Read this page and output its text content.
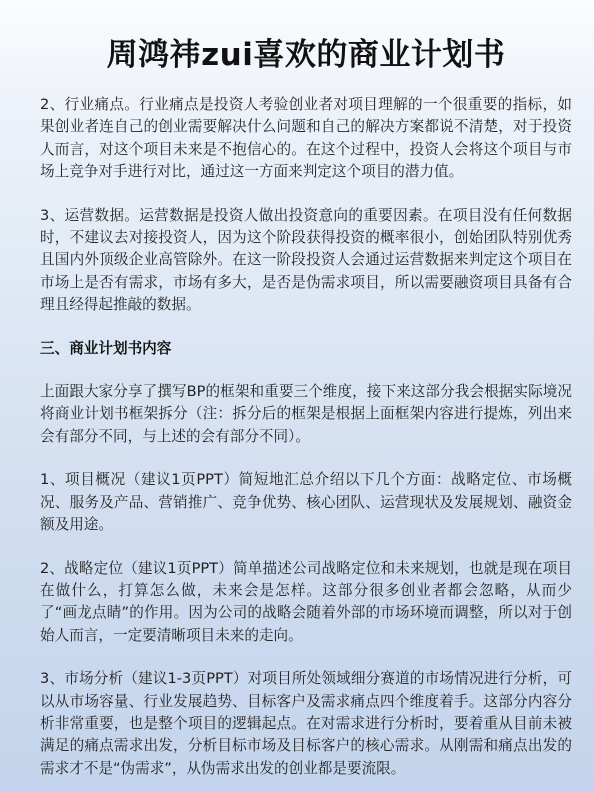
周鸿祎zui喜欢的商业计划书

2、行业痛点。行业痛点是投资人考验创业者对项目理解的一个很重要的指标，如果创业者连自己的创业需要解决什么问题和自己的解决方案都说不清楚，对于投资人而言，对这个项目未来是不抱信心的。在这个过程中，投资人会将这个项目与市场上竞争对手进行对比，通过这一方面来判定这个项目的潜力值。

3、运营数据。运营数据是投资人做出投资意向的重要因素。在项目没有任何数据时，不建议去对接投资人，因为这个阶段获得投资的概率很小，创始团队特别优秀且国内外顶级企业高管除外。在这一阶段投资人会通过运营数据来判定这个项目在市场上是否有需求，市场有多大，是否是伪需求项目，所以需要融资项目具备有合理且经得起推敲的数据。

三、商业计划书内容

上面跟大家分享了撰写BP的框架和重要三个维度，接下来这部分我会根据实际境况将商业计划书框架拆分（注：拆分后的框架是根据上面框架内容进行提炼，列出来会有部分不同，与上述的会有部分不同）。

1、项目概况（建议1页PPT）简短地汇总介绍以下几个方面：战略定位、市场概况、服务及产品、营销推广、竞争优势、核心团队、运营现状及发展规划、融资金额及用途。

2、战略定位（建议1页PPT）简单描述公司战略定位和未来规划，也就是现在项目在做什么，打算怎么做，未来会是怎样。这部分很多创业者都会忽略，从而少了“画龙点睛”的作用。因为公司的战略会随着外部的市场环境而调整，所以对于创始人而言，一定要清晰项目未来的走向。

3、市场分析（建议1-3页PPT）对项目所处领域细分赛道的市场情况进行分析，可以从市场容量、行业发展趋势、目标客户及需求痛点四个维度着手。这部分内容分析非常重要，也是整个项目的逻辑起点。在对需求进行分析时，要着重从目前未被满足的痛点需求出发，分析目标市场及目标客户的核心需求。从刚需和痛点出发的需求才不是“伪需求”，从伪需求出发的创业都是要流限。
